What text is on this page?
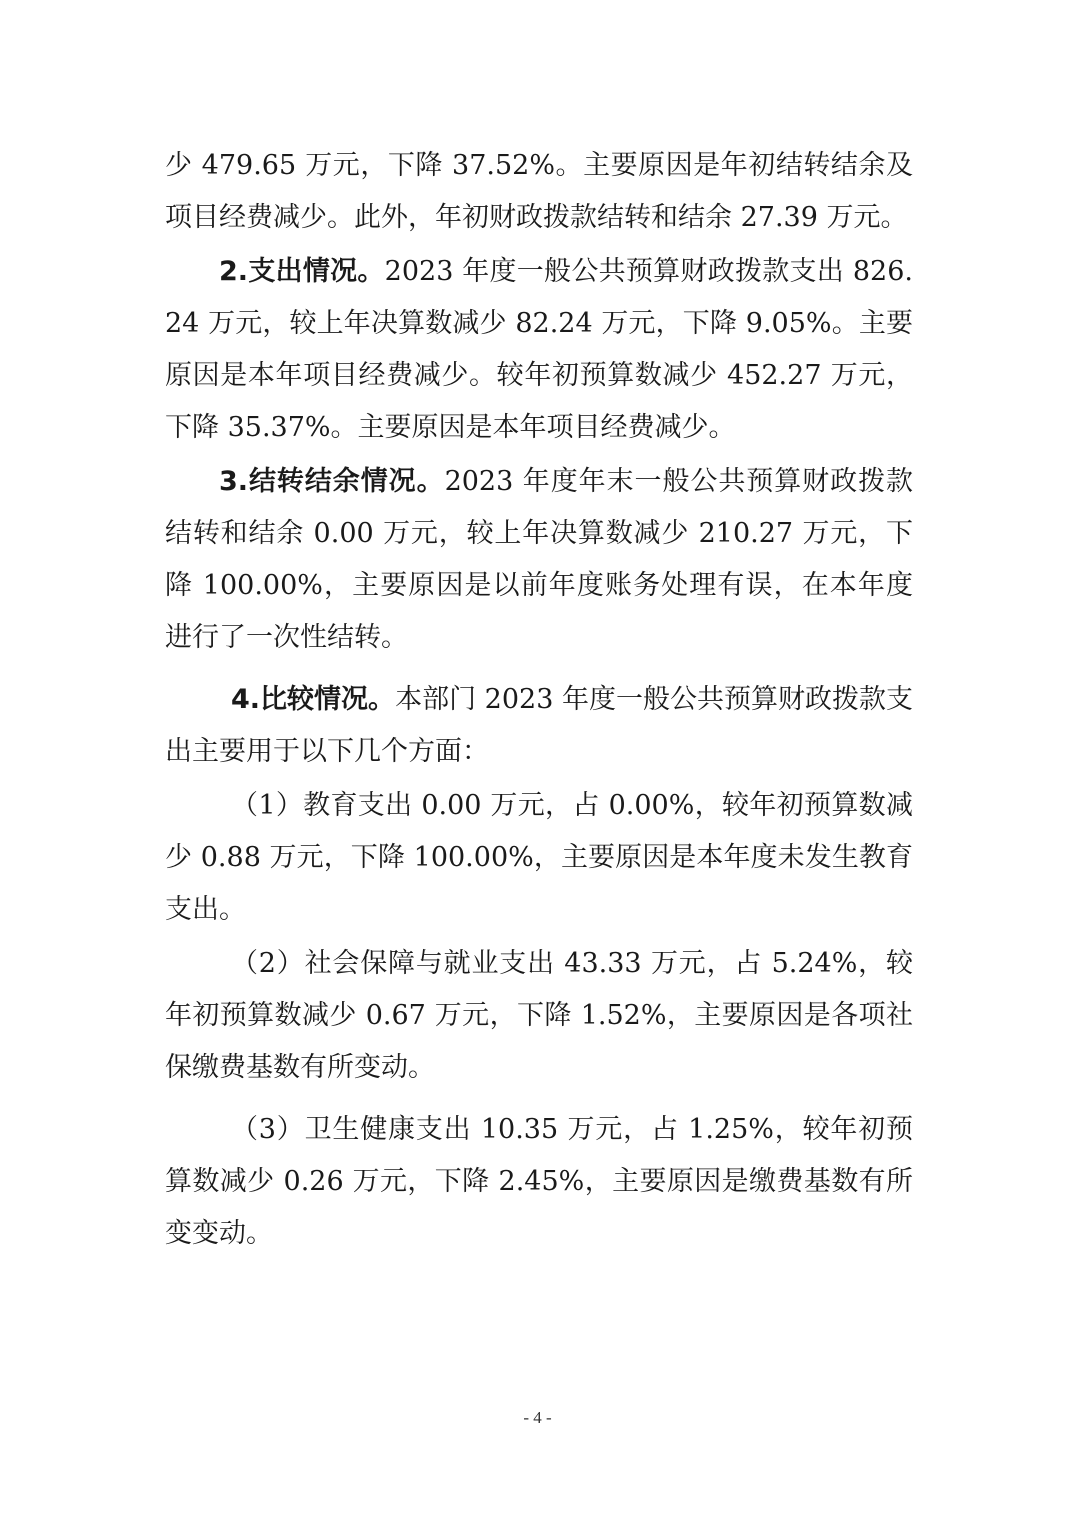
少 479.65 万元，下降 37.52%。主要原因是年初结转结余及项目经费减少。此外，年初财政拨款结转和结余 27.39 万元。

2.支出情况。2023 年度一般公共预算财政拨款支出 826.24 万元，较上年决算数减少 82.24 万元，下降 9.05%。主要原因是本年项目经费减少。较年初预算数减少 452.27 万元，下降 35.37%。主要原因是本年项目经费减少。

3.结转结余情况。2023 年度年末一般公共预算财政拨款结转和结余 0.00 万元，较上年决算数减少 210.27 万元，下降 100.00%，主要原因是以前年度账务处理有误，在本年度进行了一次性结转。

4.比较情况。本部门 2023 年度一般公共预算财政拨款支出主要用于以下几个方面：

（1）教育支出 0.00 万元，占 0.00%，较年初预算数减少 0.88 万元，下降 100.00%，主要原因是本年度未发生教育支出。

（2）社会保障与就业支出 43.33 万元，占 5.24%，较年初预算数减少 0.67 万元，下降 1.52%，主要原因是各项社保缴费基数有所变动。

（3）卫生健康支出 10.35 万元，占 1.25%，较年初预算数减少 0.26 万元，下降 2.45%，主要原因是缴费基数有所变变动。

- 4 -
